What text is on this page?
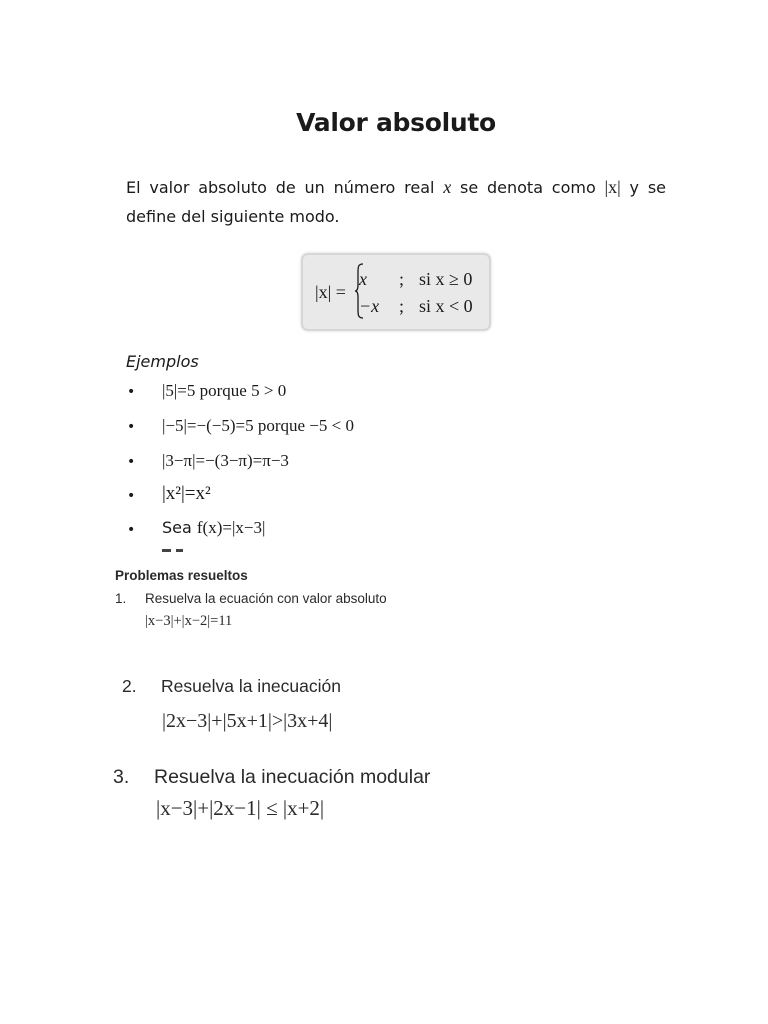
Valor absoluto
El valor absoluto de un número real x se denota como |x| y se define del siguiente modo.
|x| =
x ; si x ≥ 0
−x ; si x < 0
Ejemplos
• |5|=5 porque 5 > 0
• |−5|=−(−5)=5 porque −5 < 0
• |3−π|=−(3−π)=π−3
• |x²|=x²
• Sea f(x)=|x−3|
Problemas resueltos
1. Resuelva la ecuación con valor absoluto
|x−3|+|x−2|=11
2. Resuelva la inecuación
|2x−3|+|5x+1|>|3x+4|
3. Resuelva la inecuación modular
|x−3|+|2x−1| ≤ |x+2|
